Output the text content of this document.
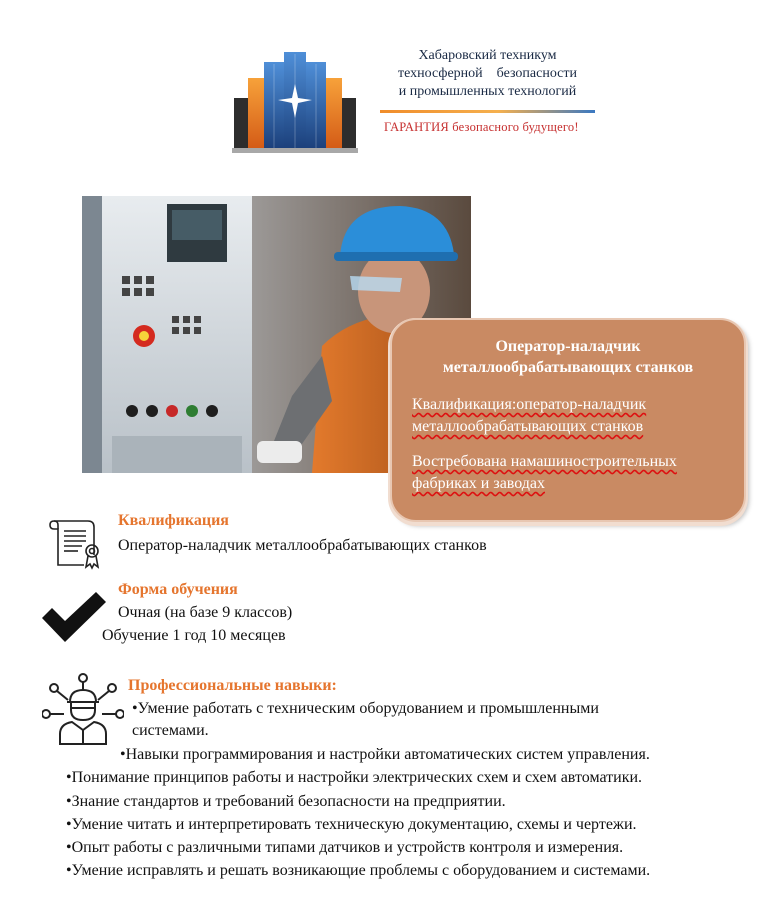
Хабаровский техникум
техносферной    безопасности
и промышленных технологий
ГАРАНТИЯ безопасного будущего!
Оператор-наладчик
металлообрабатывающих станков
Квалификация:оператор-наладчик металлообрабатывающих станков
Востребована намашиностроительных фабриках и заводах
Квалификация
Оператор-наладчик металлообрабатывающих станков
Форма обучения
Очная (на базе 9 классов)
Обучение 1 год 10 месяцев
Профессиональные навыки:
•Умение работать с техническим оборудованием и промышленными
системами.
•Навыки программирования и настройки автоматических систем управления.
•Понимание принципов работы и настройки электрических схем и схем автоматики.
•Знание стандартов и требований безопасности на предприятии.
•Умение читать и интерпретировать техническую документацию, схемы и чертежи.
•Опыт работы с различными типами датчиков и устройств контроля и измерения.
•Умение исправлять и решать возникающие проблемы с оборудованием и системами.
